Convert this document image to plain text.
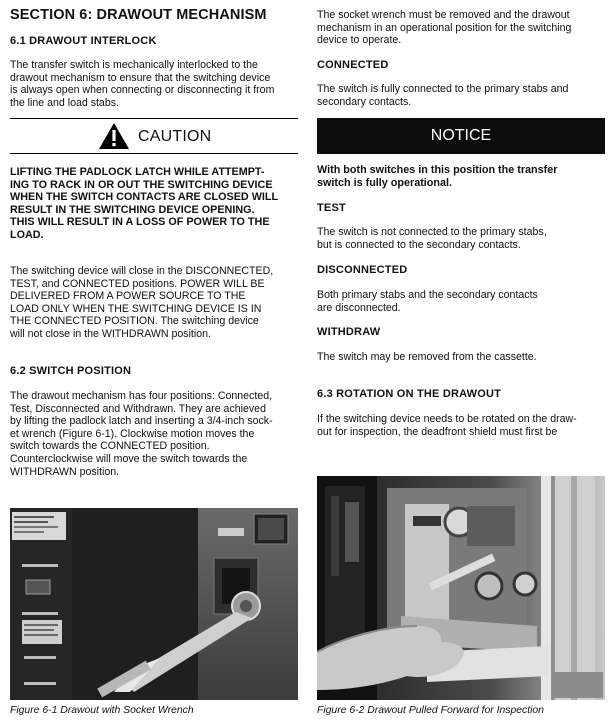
SECTION 6: DRAWOUT MECHANISM
6.1 DRAWOUT INTERLOCK
The transfer switch is mechanically interlocked to the
drawout mechanism to ensure that the switching device
is always open when connecting or disconnecting it from
the line and load stabs.
CAUTION
LIFTING THE PADLOCK LATCH WHILE ATTEMPT-
ING TO RACK IN OR OUT THE SWITCHING DEVICE
WHEN THE SWITCH CONTACTS ARE CLOSED WILL
RESULT IN THE SWITCHING DEVICE OPENING.
THIS WILL RESULT IN A LOSS OF POWER TO THE
LOAD.
The switching device will close in the DISCONNECTED,
TEST, and CONNECTED positions. POWER WILL BE
DELIVERED FROM A POWER SOURCE TO THE
LOAD ONLY WHEN THE SWITCHING DEVICE IS IN
THE CONNECTED POSITION. The switching device
will not close in the WITHDRAWN position.
6.2 SWITCH POSITION
The drawout mechanism has four positions: Connected,
Test, Disconnected and Withdrawn. They are achieved
by lifting the padlock latch and inserting a 3/4-inch sock-
et wrench (Figure 6-1). Clockwise motion moves the
switch towards the CONNECTED position.
Counterclockwise will move the switch towards the
WITHDRAWN position.
The socket wrench must be removed and the drawout
mechanism in an operational position for the switching
device to operate.
CONNECTED
The switch is fully connected to the primary stabs and
secondary contacts.
NOTICE
With both switches in this position the transfer
switch is fully operational.
TEST
The switch is not connected to the primary stabs,
but is connected to the secondary contacts.
DISCONNECTED
Both primary stabs and the secondary contacts
are disconnected.
WITHDRAW
The switch may be removed from the cassette.
6.3 ROTATION ON THE DRAWOUT
If the switching device needs to be rotated on the draw-
out for inspection, the deadfront shield must first be
Figure 6-1 Drawout with Socket Wrench	Figure 6-2 Drawout Pulled Forward for Inspection
